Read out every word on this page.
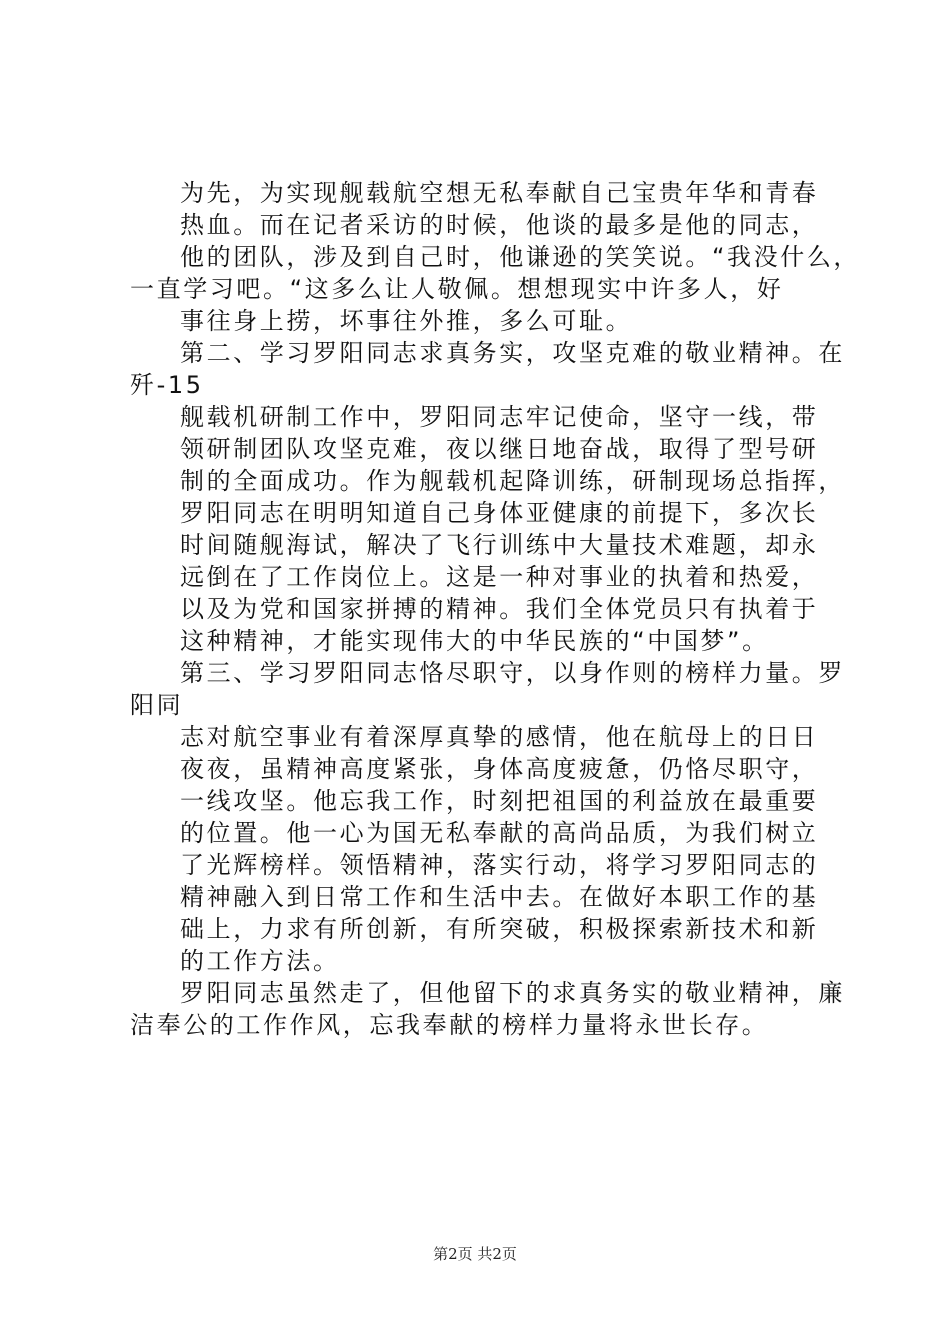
为先，为实现舰载航空想无私奉献自己宝贵年华和青春

热血。而在记者采访的时候，他谈的最多是他的同志，

他的团队，涉及到自己时，他谦逊的笑笑说。“我没什么，

一直学习吧。“这多么让人敬佩。想想现实中许多人，好

事往身上捞，坏事往外推，多么可耻。

第二、学习罗阳同志求真务实，攻坚克难的敬业精神。在

歼-15

舰载机研制工作中，罗阳同志牢记使命，坚守一线，带

领研制团队攻坚克难，夜以继日地奋战，取得了型号研

制的全面成功。作为舰载机起降训练，研制现场总指挥，

罗阳同志在明明知道自己身体亚健康的前提下，多次长

时间随舰海试，解决了飞行训练中大量技术难题，却永

远倒在了工作岗位上。这是一种对事业的执着和热爱，

以及为党和国家拼搏的精神。我们全体党员只有执着于

这种精神，才能实现伟大的中华民族的“中国梦”。

第三、学习罗阳同志恪尽职守，以身作则的榜样力量。罗

阳同

志对航空事业有着深厚真挚的感情，他在航母上的日日

夜夜，虽精神高度紧张，身体高度疲惫，仍恪尽职守，

一线攻坚。他忘我工作，时刻把祖国的利益放在最重要

的位置。他一心为国无私奉献的高尚品质，为我们树立

了光辉榜样。领悟精神，落实行动，将学习罗阳同志的

精神融入到日常工作和生活中去。在做好本职工作的基

础上，力求有所创新，有所突破，积极探索新技术和新

的工作方法。

罗阳同志虽然走了，但他留下的求真务实的敬业精神，廉

洁奉公的工作作风，忘我奉献的榜样力量将永世长存。

第2页 共2页
